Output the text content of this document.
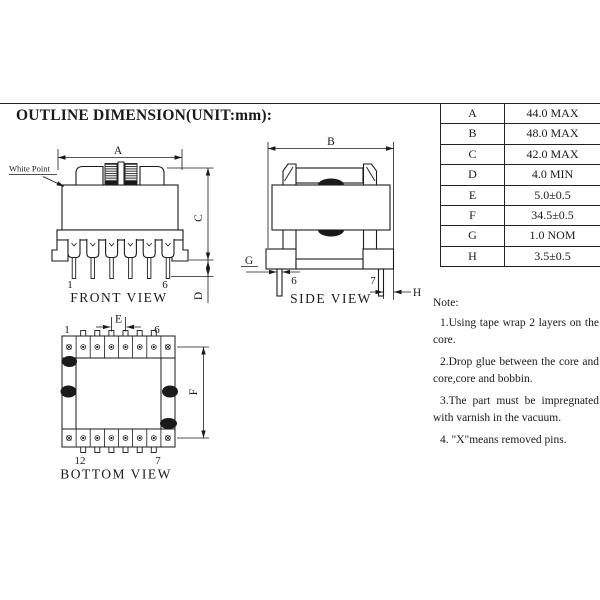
OUTLINE DIMENSION(UNIT:mm):	A	44.0 MAX
B	48.0 MAX
C	42.0 MAX
D	4.0 MIN
E	5.0±0.5
F	34.5±0.5
G	1.0 NOM
H	3.5±0.5
Note:

1.Using tape wrap 2 layers on the core.

2.Drop glue between the core and core,core and bobbin.

3.The part must be impregnated with varnish in the vacuum.

4. "X"means removed pins.

White Point
A
C
D
1	6
FRONT VIEW
B
G
H
6	7
SIDE VIEW
E
F
1	6
12	7
BOTTOM VIEW
